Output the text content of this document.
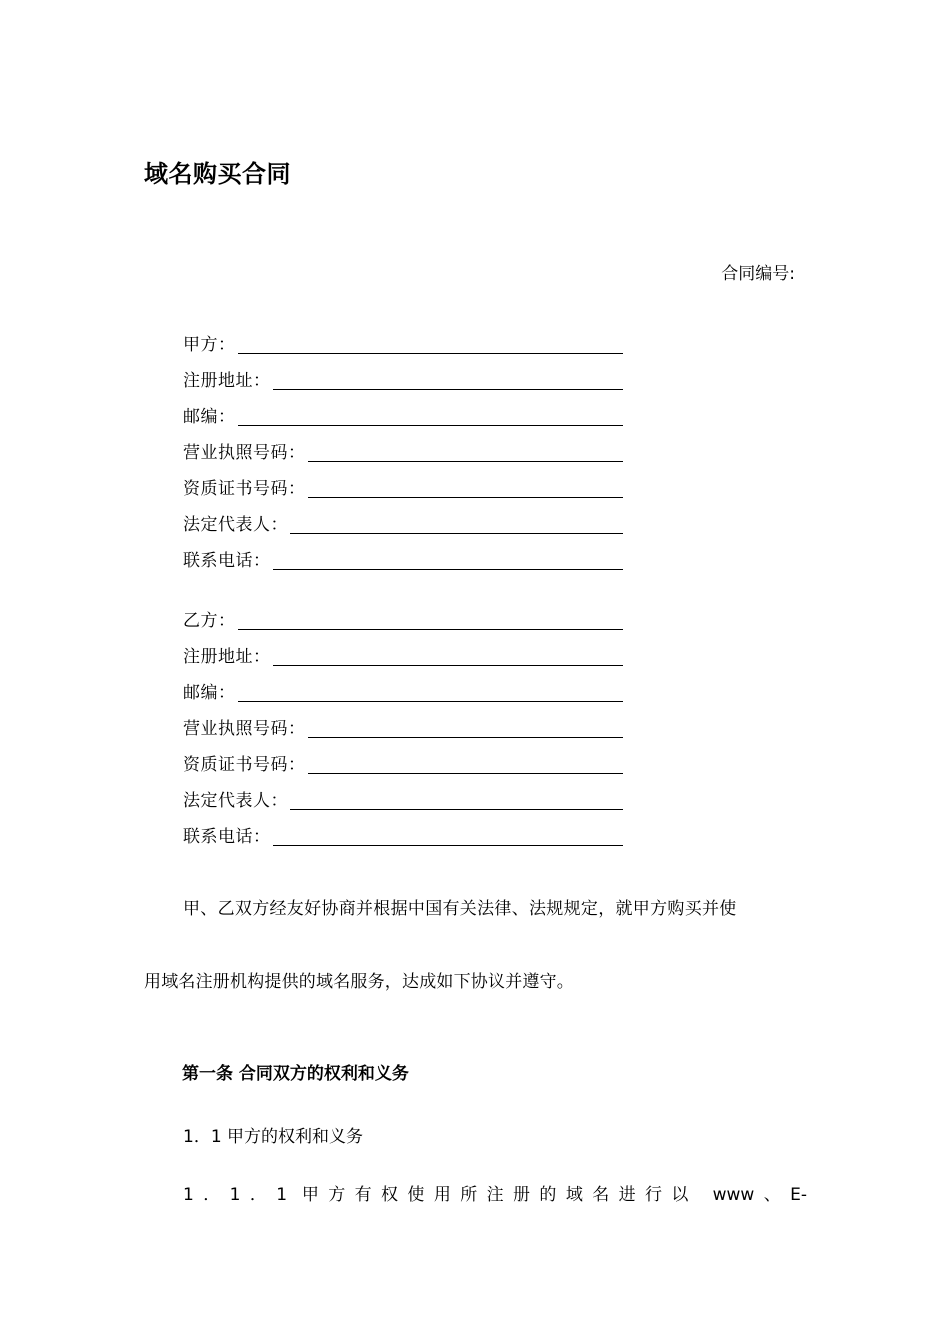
域名购买合同
合同编号:
甲方：
注册地址：
邮编：
营业执照号码：
资质证书号码：
法定代表人：
联系电话：
乙方：
注册地址：
邮编：
营业执照号码：
资质证书号码：
法定代表人：
联系电话：
甲、乙双方经友好协商并根据中国有关法律、法规规定，就甲方购买并使
用域名注册机构提供的域名服务，达成如下协议并遵守。
第一条 合同双方的权利和义务
1．1 甲方的权利和义务
1．1．1 甲方有权使用所注册的域名进行以 www、E-
